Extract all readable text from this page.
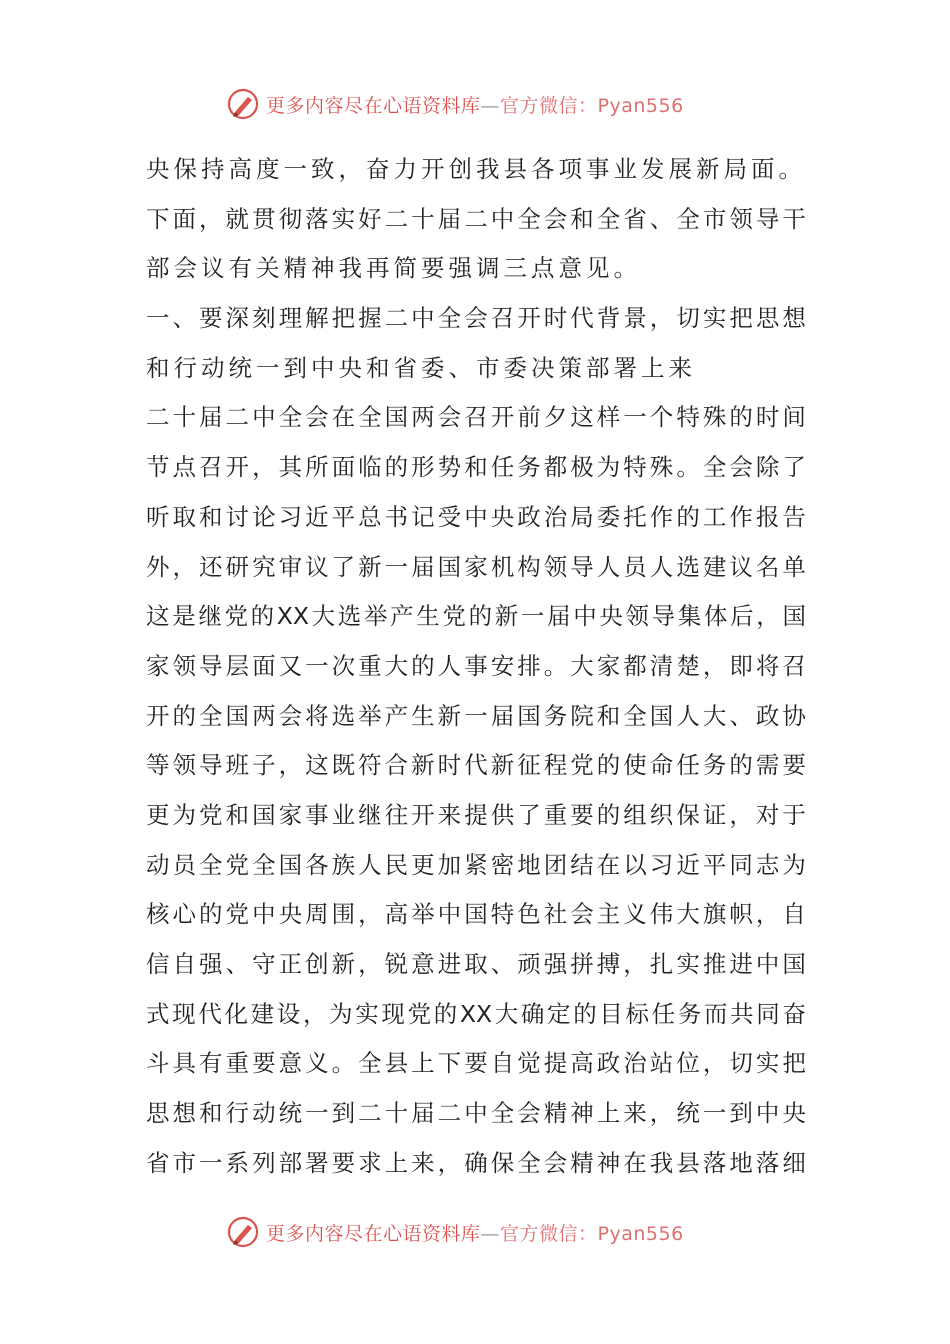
更多内容尽在心语资料库—官方微信：Pyan556
央保持高度一致，奋力开创我县各项事业发展新局面。
下 面 ， 就 贯 彻 落 实 好 二 十 届 二 中 全 会 和 全 省 、 全 市 领 导 干
部会议有关精神我再简要强调三点意见。
一 、 要 深 刻 理 解 把 握 二 中 全 会 召 开 时 代 背 景 ， 切 实 把 思 想
和行动统一到中央和省委、市委决策部署上来
二 十 届 二 中 全 会 在 全 国 两 会 召 开 前 夕 这 样 一 个 特 殊 的 时 间
节 点 召 开 ， 其 所 面 临 的 形 势 和 任 务 都 极 为 特 殊 。 全 会 除 了
听 取 和 讨 论 习 近 平 总 书 记 受 中 央 政 治 局 委 托 作 的 工 作 报 告
外 ， 还 研 究 审 议 了 新 一 届 国 家 机 构 领 导 人 员 人 选 建 议 名 单
这 是 继 党 的 XX 大 选 举 产 生 党 的 新 一 届 中 央 领 导 集 体 后 ， 国
家 领 导 层 面 又 一 次 重 大 的 人 事 安 排 。 大 家 都 清 楚 ， 即 将 召
开 的 全 国 两 会 将 选 举 产 生 新 一 届 国 务 院 和 全 国 人 大 、 政 协
等 领 导 班 子 ， 这 既 符 合 新 时 代 新 征 程 党 的 使 命 任 务 的 需 要
更 为 党 和 国 家 事 业 继 往 开 来 提 供 了 重 要 的 组 织 保 证 ， 对 于
动 员 全 党 全 国 各 族 人 民 更 加 紧 密 地 团 结 在 以 习 近 平 同 志 为
核 心 的 党 中 央 周 围 ， 高 举 中 国 特 色 社 会 主 义 伟 大 旗 帜 ， 自
信 自 强 、 守 正 创 新 ， 锐 意 进 取 、 顽 强 拼 搏 ， 扎 实 推 进 中 国
式 现 代 化 建 设 ， 为 实 现 党 的 XX 大 确 定 的 目 标 任 务 而 共 同 奋
斗 具 有 重 要 意 义 。 全 县 上 下 要 自 觉 提 高 政 治 站 位 ， 切 实 把
思 想 和 行 动 统 一 到 二 十 届 二 中 全 会 精 神 上 来 ， 统 一 到 中 央
省 市 一 系 列 部 署 要 求 上 来 ， 确 保 全 会 精 神 在 我 县 落 地 落 细
更多内容尽在心语资料库—官方微信：Pyan556
